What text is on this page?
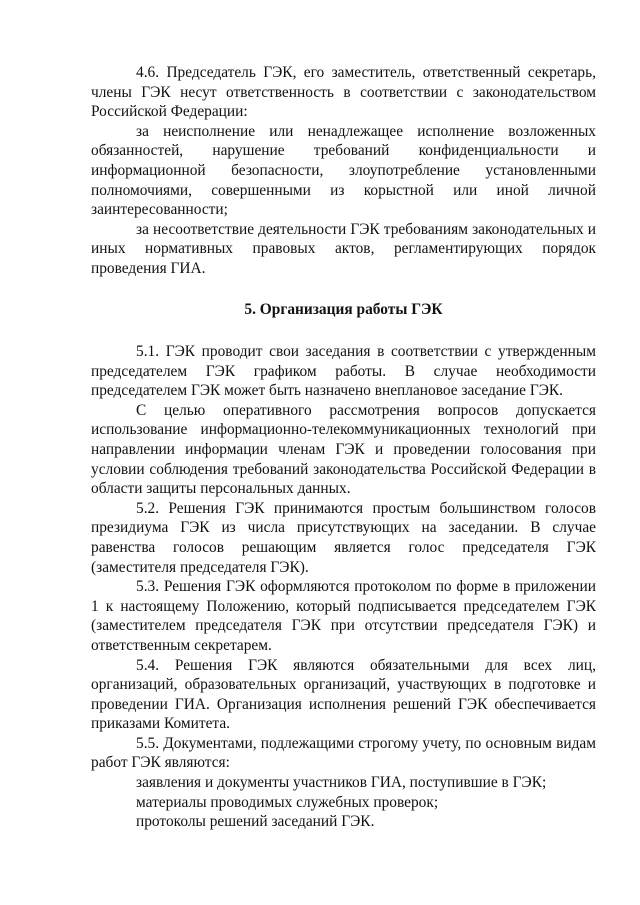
4.6. Председатель ГЭК, его заместитель, ответственный секретарь, члены ГЭК несут ответственность в соответствии с законодательством Российской Федерации:

за неисполнение или ненадлежащее исполнение возложенных обязанностей, нарушение требований конфиденциальности и информационной безопасности, злоупотребление установленными полномочиями, совершенными из корыстной или иной личной заинтересованности;

за несоответствие деятельности ГЭК требованиям законодательных и иных нормативных правовых актов, регламентирующих порядок проведения ГИА.

5. Организация работы ГЭК

5.1. ГЭК проводит свои заседания в соответствии с утвержденным председателем ГЭК графиком работы. В случае необходимости председателем ГЭК может быть назначено внеплановое заседание ГЭК.

С целью оперативного рассмотрения вопросов допускается использование информационно-телекоммуникационных технологий при направлении информации членам ГЭК и проведении голосования при условии соблюдения требований законодательства Российской Федерации в области защиты персональных данных.

5.2. Решения ГЭК принимаются простым большинством голосов президиума ГЭК из числа присутствующих на заседании. В случае равенства голосов решающим является голос председателя ГЭК (заместителя председателя ГЭК).

5.3. Решения ГЭК оформляются протоколом по форме в приложении 1 к настоящему Положению, который подписывается председателем ГЭК (заместителем председателя ГЭК при отсутствии председателя ГЭК) и ответственным секретарем.

5.4. Решения ГЭК являются обязательными для всех лиц, организаций, образовательных организаций, участвующих в подготовке и проведении ГИА. Организация исполнения решений ГЭК обеспечивается приказами Комитета.

5.5. Документами, подлежащими строгому учету, по основным видам работ ГЭК являются:

заявления и документы участников ГИА, поступившие в ГЭК;

материалы проводимых служебных проверок;

протоколы решений заседаний ГЭК.
